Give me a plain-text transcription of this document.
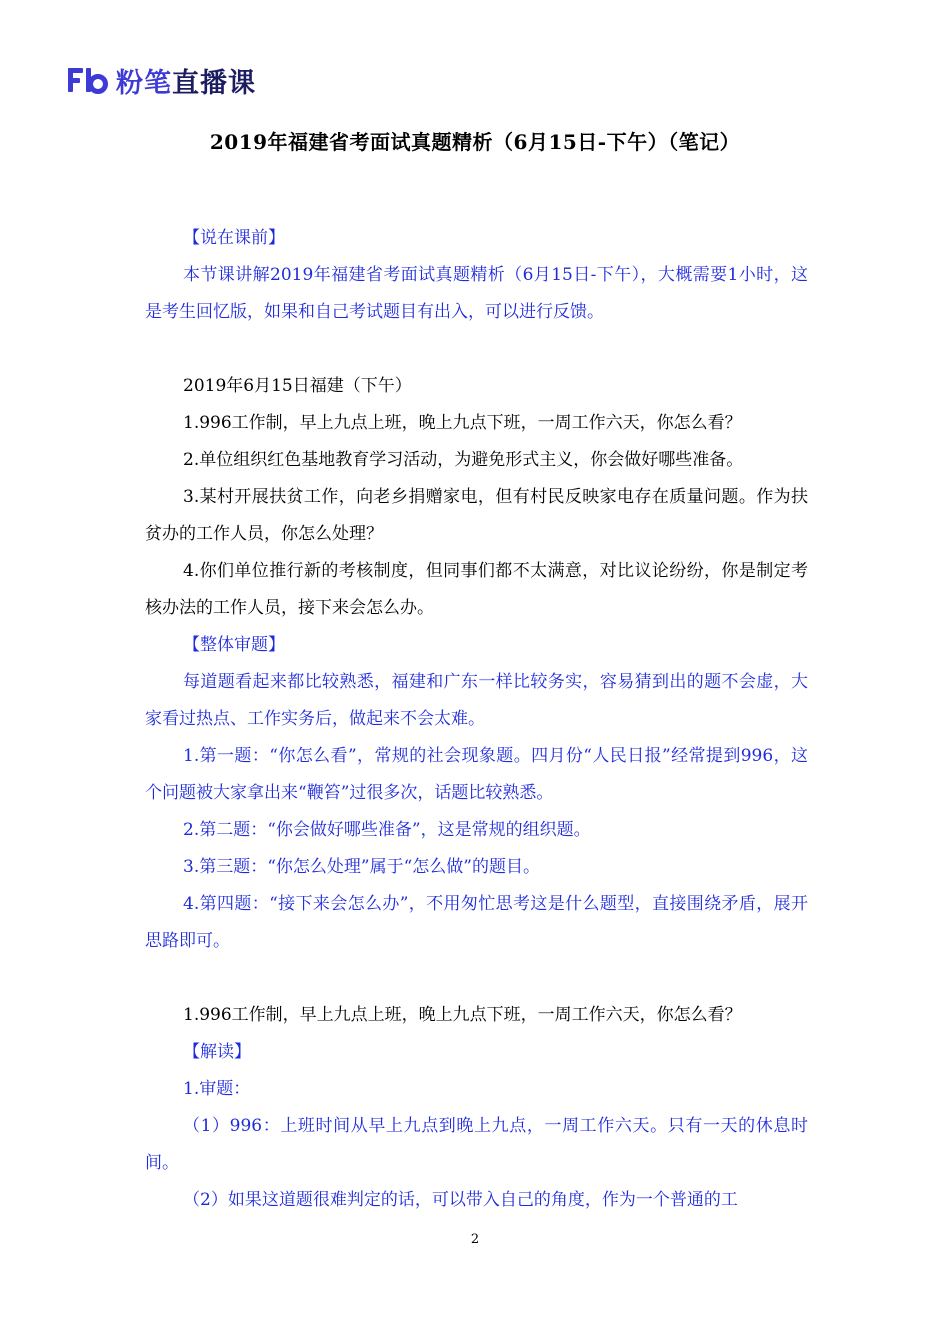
粉笔直播课
2019年福建省考面试真题精析（6月15日-下午）（笔记）

【说在课前】

本节课讲解2019年福建省考面试真题精析（6月15日-下午），大概需要1小时，这是考生回忆版，如果和自己考试题目有出入，可以进行反馈。

2019年6月15日福建（下午）

1.996工作制，早上九点上班，晚上九点下班，一周工作六天，你怎么看？

2.单位组织红色基地教育学习活动，为避免形式主义，你会做好哪些准备。

3.某村开展扶贫工作，向老乡捐赠家电，但有村民反映家电存在质量问题。作为扶贫办的工作人员，你怎么处理？

4.你们单位推行新的考核制度，但同事们都不太满意，对比议论纷纷，你是制定考核办法的工作人员，接下来会怎么办。

【整体审题】

每道题看起来都比较熟悉，福建和广东一样比较务实，容易猜到出的题不会虚，大家看过热点、工作实务后，做起来不会太难。

1.第一题：“你怎么看”，常规的社会现象题。四月份“人民日报”经常提到996，这个问题被大家拿出来“鞭笞”过很多次，话题比较熟悉。

2.第二题：“你会做好哪些准备”，这是常规的组织题。

3.第三题：“你怎么处理”属于“怎么做”的题目。

4.第四题：“接下来会怎么办”，不用匆忙思考这是什么题型，直接围绕矛盾，展开思路即可。

1.996工作制，早上九点上班，晚上九点下班，一周工作六天，你怎么看？

【解读】

1.审题：

（1）996：上班时间从早上九点到晚上九点，一周工作六天。只有一天的休息时间。

（2）如果这道题很难判定的话，可以带入自己的角度，作为一个普通的工

2
